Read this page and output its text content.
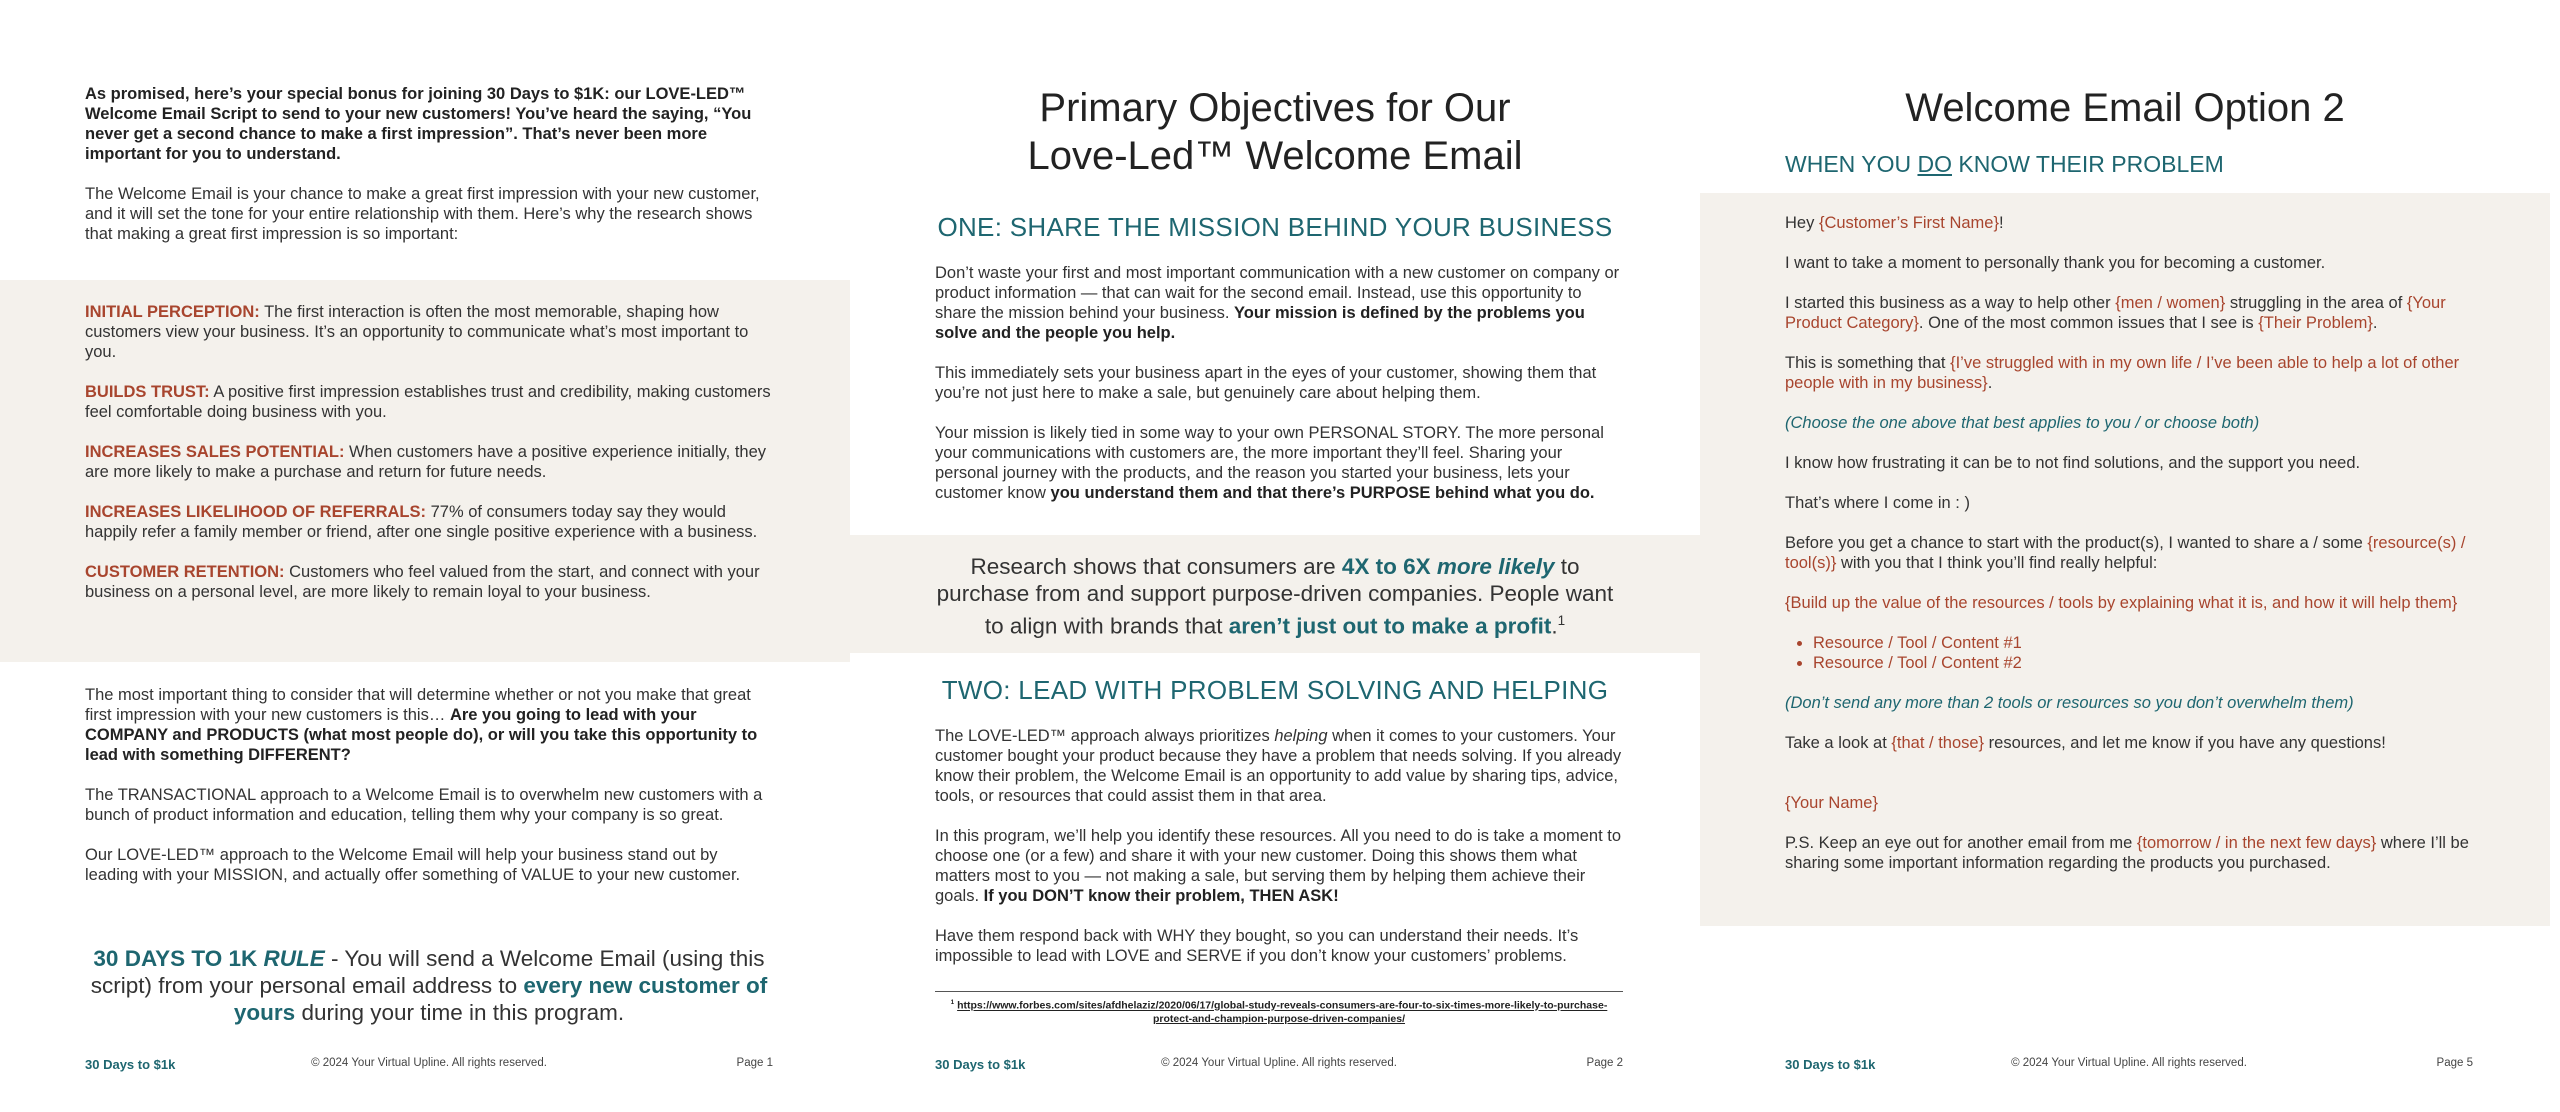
As promised, here’s your special bonus for joining 30 Days to $1K: our LOVE-LED™ Welcome Email Script to send to your new customers! You’ve heard the saying, “You never get a second chance to make a first impression”. That’s never been more important for you to understand.

The Welcome Email is your chance to make a great first impression with your new customer, and it will set the tone for your entire relationship with them. Here’s why the research shows that making a great first impression is so important:

INITIAL PERCEPTION: The first interaction is often the most memorable, shaping how customers view your business. It’s an opportunity to communicate what’s most important to you.

BUILDS TRUST: A positive first impression establishes trust and credibility, making customers feel comfortable doing business with you.

INCREASES SALES POTENTIAL: When customers have a positive experience initially, they are more likely to make a purchase and return for future needs.

INCREASES LIKELIHOOD OF REFERRALS: 77% of consumers today say they would happily refer a family member or friend, after one single positive experience with a business.

CUSTOMER RETENTION: Customers who feel valued from the start, and connect with your business on a personal level, are more likely to remain loyal to your business.

The most important thing to consider that will determine whether or not you make that great first impression with your new customers is this… Are you going to lead with your COMPANY and PRODUCTS (what most people do), or will you take this opportunity to lead with something DIFFERENT?

The TRANSACTIONAL approach to a Welcome Email is to overwhelm new customers with a bunch of product information and education, telling them why your company is so great.

Our LOVE-LED™ approach to the Welcome Email will help your business stand out by leading with your MISSION, and actually offer something of VALUE to your new customer.

30 DAYS TO 1K RULE - You will send a Welcome Email (using this script) from your personal email address to every new customer of yours during your time in this program.
© 2024 Your Virtual Upline. All rights reserved.
30 Days to $1k	Page 1
Primary Objectives for Our
Love-Led™ Welcome Email
ONE: SHARE THE MISSION BEHIND YOUR BUSINESS

Don’t waste your first and most important communication with a new customer on company or product information — that can wait for the second email. Instead, use this opportunity to share the mission behind your business. Your mission is defined by the problems you solve and the people you help.

This immediately sets your business apart in the eyes of your customer, showing them that you’re not just here to make a sale, but genuinely care about helping them.

Your mission is likely tied in some way to your own PERSONAL STORY. The more personal your communications with customers are, the more important they’ll feel. Sharing your personal journey with the products, and the reason you started your business, lets your customer know you understand them and that there’s PURPOSE behind what you do.

Research shows that consumers are 4X to 6X more likely to purchase from and support purpose-driven companies. People want to align with brands that aren’t just out to make a profit.$^1$
TWO: LEAD WITH PROBLEM SOLVING AND HELPING

The LOVE-LED™ approach always prioritizes helping when it comes to your customers. Your customer bought your product because they have a problem that needs solving. If you already know their problem, the Welcome Email is an opportunity to add value by sharing tips, advice, tools, or resources that could assist them in that area.

In this program, we’ll help you identify these resources. All you need to do is take a moment to choose one (or a few) and share it with your new customer. Doing this shows them what matters most to you — not making a sale, but serving them by helping them achieve their goals. If you DON’T know their problem, THEN ASK!

Have them respond back with WHY they bought, so you can understand their needs. It’s impossible to lead with LOVE and SERVE if you don’t know your customers’ problems.

$^1$ https://www.forbes.com/sites/afdhelaziz/2020/06/17/global-study-reveals-consumers-are-four-to-six-times-more-likely-to-purchase-protect-and-champion-purpose-driven-companies/
© 2024 Your Virtual Upline. All rights reserved.
30 Days to $1k	Page 2
Welcome Email Option 2
WHEN YOU DO KNOW THEIR PROBLEM

Hey {Customer’s First Name}!

I want to take a moment to personally thank you for becoming a customer.

I started this business as a way to help other {men / women} struggling in the area of {Your Product Category}. One of the most common issues that I see is {Their Problem}.

This is something that {I’ve struggled with in my own life / I’ve been able to help a lot of other people with in my business}.

(Choose the one above that best applies to you / or choose both)

I know how frustrating it can be to not find solutions, and the support you need.

That’s where I come in : )

Before you get a chance to start with the product(s), I wanted to share a / some {resource(s) / tool(s)} with you that I think you’ll find really helpful:

{Build up the value of the resources / tools by explaining what it is, and how it will help them}

• Resource / Tool / Content #1
• Resource / Tool / Content #2

(Don’t send any more than 2 tools or resources so you don’t overwhelm them)

Take a look at {that / those} resources, and let me know if you have any questions!

{Your Name}

P.S. Keep an eye out for another email from me {tomorrow / in the next few days} where I’ll be sharing some important information regarding the products you purchased.

© 2024 Your Virtual Upline. All rights reserved.
30 Days to $1k	Page 5
